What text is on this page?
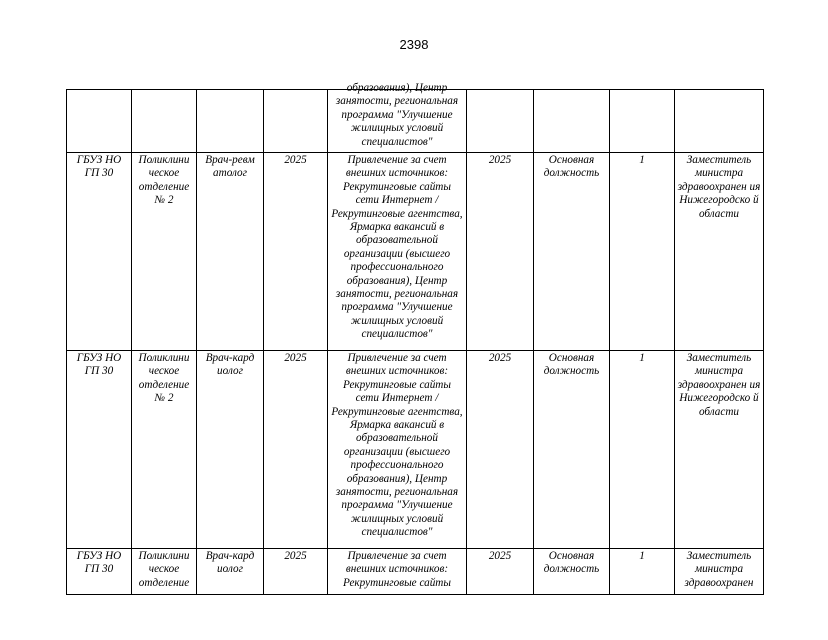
2398

				образования), Центр занятости, региональная программа "Улучшение жилищных условий специалистов"				

ГБУЗ НО ГП 30	Поликлини ческое отделение № 2	Врач-ревм атолог	2025	Привлечение за счет внешних источников: Рекрутинговые сайты сети Интернет / Рекрутинговые агентства, Ярмарка вакансий в образовательной организации (высшего профессионального образования), Центр занятости, региональная программа "Улучшение жилищных условий специалистов"	2025	Основная должность	1	Заместитель министра здравоохранен ия Нижегородско й области
ГБУЗ НО ГП 30	Поликлини ческое отделение № 2	Врач-кард иолог	2025	Привлечение за счет внешних источников: Рекрутинговые сайты сети Интернет / Рекрутинговые агентства, Ярмарка вакансий в образовательной организации (высшего профессионального образования), Центр занятости, региональная программа "Улучшение жилищных условий специалистов"	2025	Основная должность	1	Заместитель министра здравоохранен ия Нижегородско й области

ГБУЗ НО ГП 30	Поликлини ческое отделение	Врач-кард иолог	2025	Привлечение за счет внешних источников: Рекрутинговые сайты	2025	Основная должность	1	Заместитель министра здравоохранен
